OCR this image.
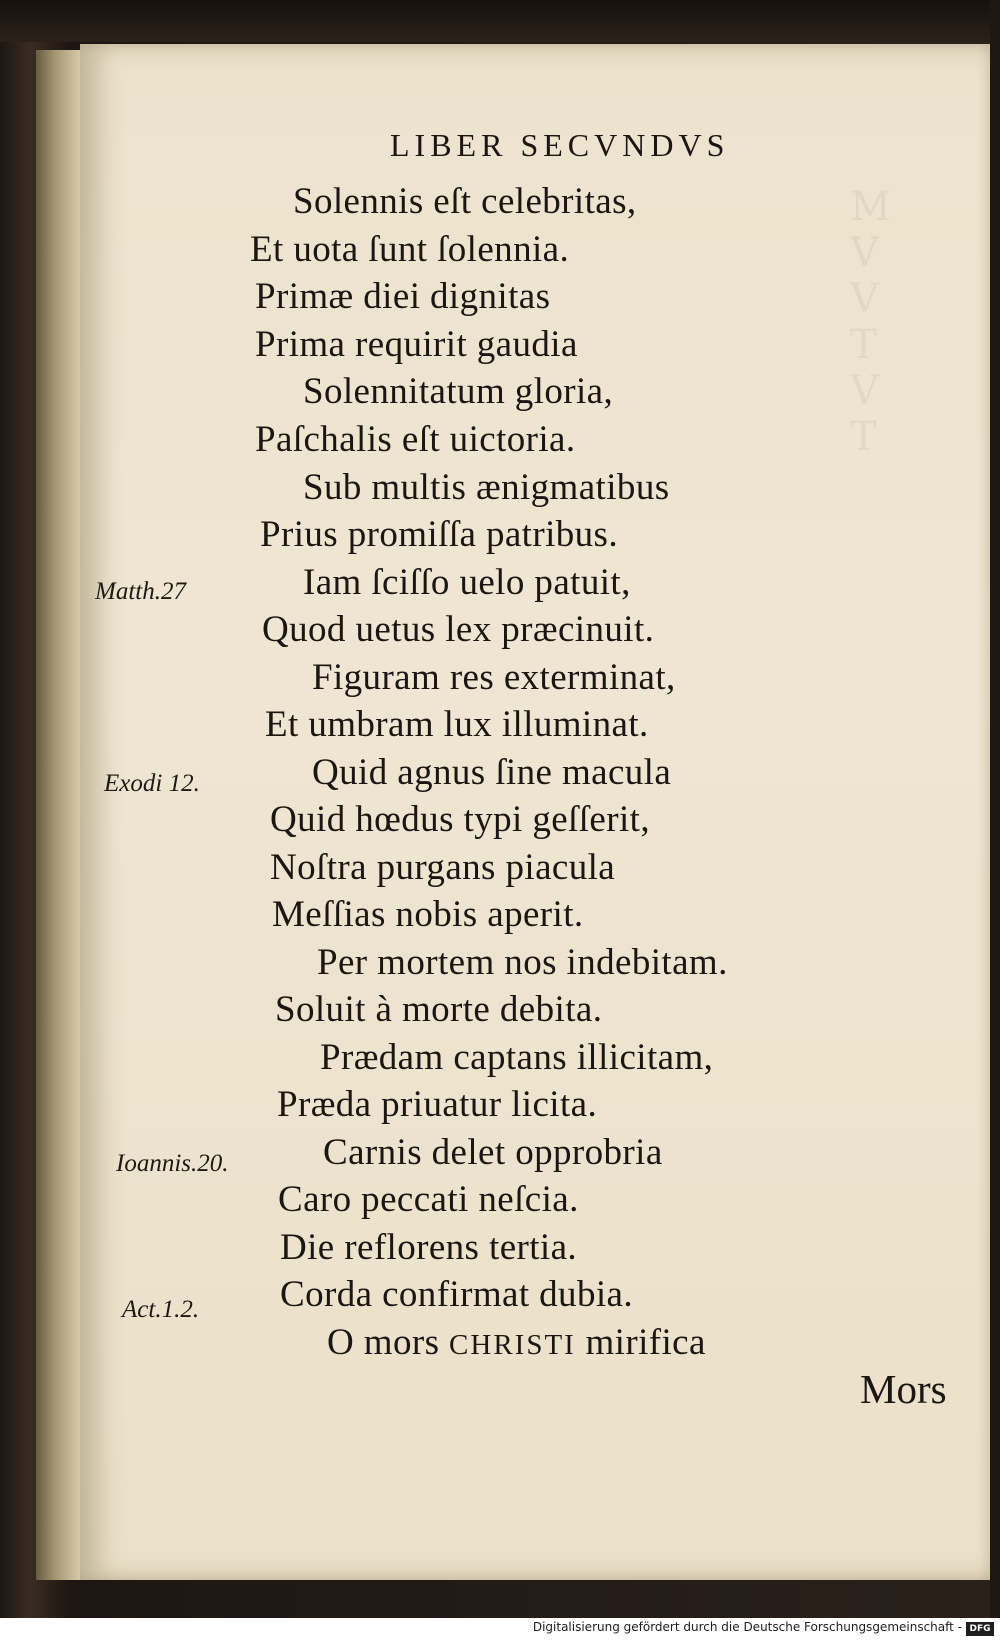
M
V
V
T
V
T
LIBER SECVNDVS
Solennis eſt celebritas,
Et uota ſunt ſolennia.
Primæ diei dignitas
Prima requirit gaudia
Solennitatum gloria,
Paſchalis eſt uictoria.
Sub multis ænigmatibus
Prius promiſſa patribus.
Iam ſciſſo uelo patuit,
Quod uetus lex præcinuit.
Figuram res exterminat,
Et umbram lux illuminat.
Quid agnus ſine macula
Quid hœdus typi geſſerit,
Noſtra purgans piacula
Meſſias nobis aperit.
Per mortem nos indebitam.
Soluit à morte debita.
Prædam captans illicitam,
Præda priuatur licita.
Carnis delet opprobria
Caro peccati neſcia.
Die reflorens tertia.
Corda confirmat dubia.
O mors CHRISTI mirifica
Matth.27
Exodi 12.
Ioannis.20.
Act.1.2.
Mors
Digitalisierung gefördert durch die Deutsche Forschungsgemeinschaft - DFG
